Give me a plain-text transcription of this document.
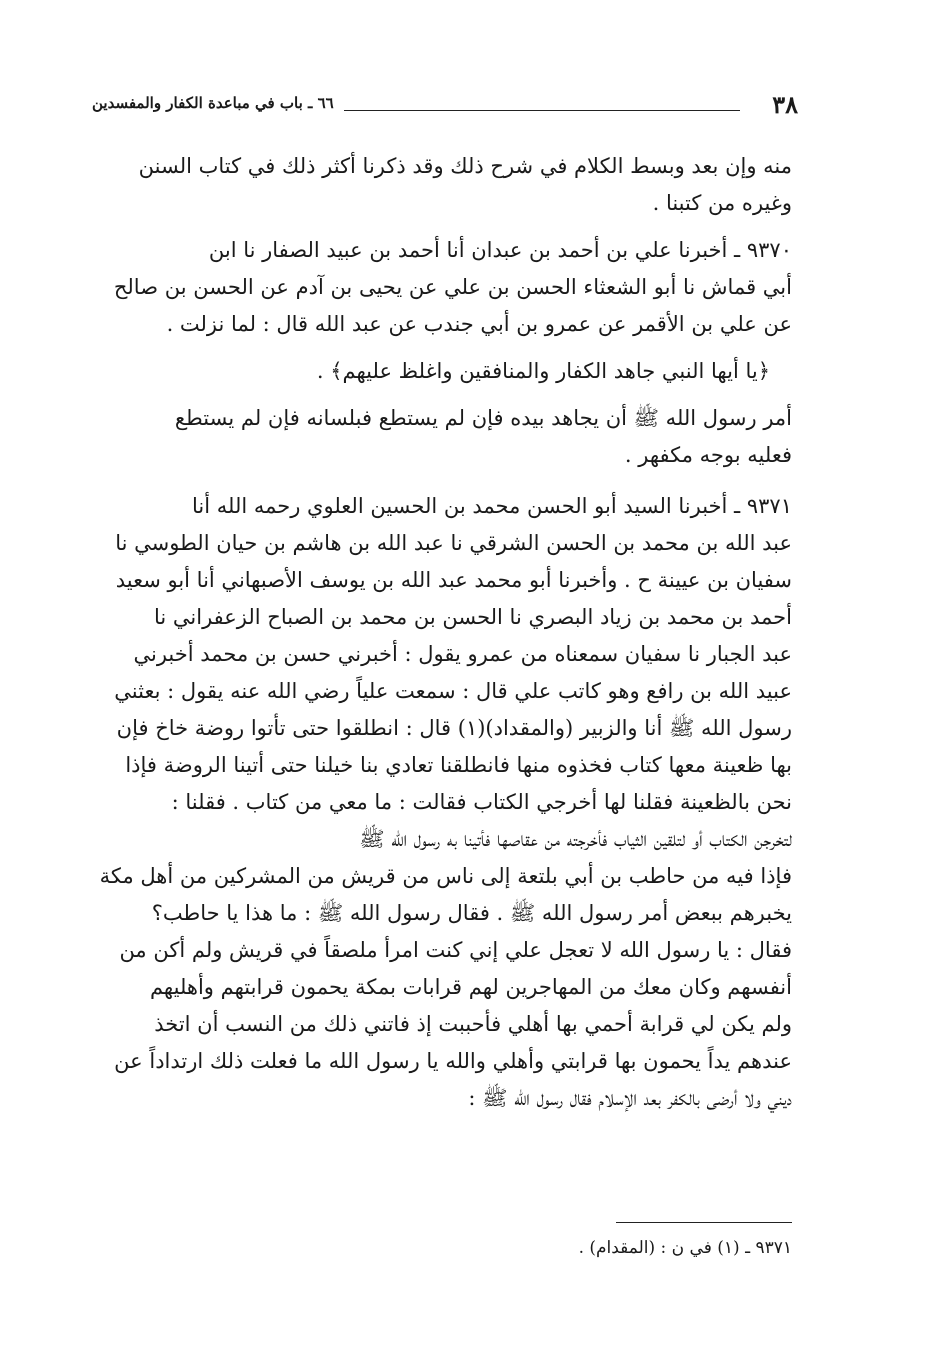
٣٨
٦٦ ـ باب في مباعدة الكفار والمفسدين
منه وإن بعد وبسط الكلام في شرح ذلك وقد ذكرنا أكثر ذلك في كتاب السنن
وغيره من كتبنا .
٩٣٧٠ ـ أخبرنا علي بن أحمد بن عبدان أنا أحمد بن عبيد الصفار نا ابن
أبي قماش نا أبو الشعثاء الحسن بن علي عن يحيى بن آدم عن الحسن بن صالح
عن علي بن الأقمر عن عمرو بن أبي جندب عن عبد الله قال : لما نزلت .
﴿يا أيها النبي جاهد الكفار والمنافقين واغلظ عليهم﴾ .
أمر رسول الله ﷺ أن يجاهد بيده فإن لم يستطع فبلسانه فإن لم يستطع
فعليه بوجه مكفهر .
٩٣٧١ ـ أخبرنا السيد أبو الحسن محمد بن الحسين العلوي رحمه الله أنا
عبد الله بن محمد بن الحسن الشرقي نا عبد الله بن هاشم بن حيان الطوسي نا
سفيان بن عيينة ح . وأخبرنا أبو محمد عبد الله بن يوسف الأصبهاني أنا أبو سعيد
أحمد بن محمد بن زياد البصري نا الحسن بن محمد بن الصباح الزعفراني نا
عبد الجبار نا سفيان سمعناه من عمرو يقول : أخبرني حسن بن محمد أخبرني
عبيد الله بن رافع وهو كاتب علي قال : سمعت علياً رضي الله عنه يقول : بعثني
رسول الله ﷺ أنا والزبير (والمقداد)(١) قال : انطلقوا حتى تأتوا روضة خاخ فإن
بها ظعينة معها كتاب فخذوه منها فانطلقنا تعادي بنا خيلنا حتى أتينا الروضة فإذا
نحن بالظعينة فقلنا لها أخرجي الكتاب فقالت : ما معي من كتاب . فقلنا :
لتخرجن الكتاب أو لتلقين الثياب فأخرجته من عقاصها فأتينا به رسول الله ﷺ
فإذا فيه من حاطب بن أبي بلتعة إلى ناس من قريش من المشركين من أهل مكة
يخبرهم ببعض أمر رسول الله ﷺ . فقال رسول الله ﷺ : ما هذا يا حاطب؟
فقال : يا رسول الله لا تعجل علي إني كنت امرأ ملصقاً في قريش ولم أكن من
أنفسهم وكان معك من المهاجرين لهم قرابات بمكة يحمون قرابتهم وأهليهم
ولم يكن لي قرابة أحمي بها أهلي فأحببت إذ فاتني ذلك من النسب أن اتخذ
عندهم يداً يحمون بها قرابتي وأهلي والله يا رسول الله ما فعلت ذلك ارتداداً عن
ديني ولا أرضى بالكفر بعد الإسلام فقال رسول الله ﷺ :
٩٣٧١ ـ (١) في ن : (المقدام) .
